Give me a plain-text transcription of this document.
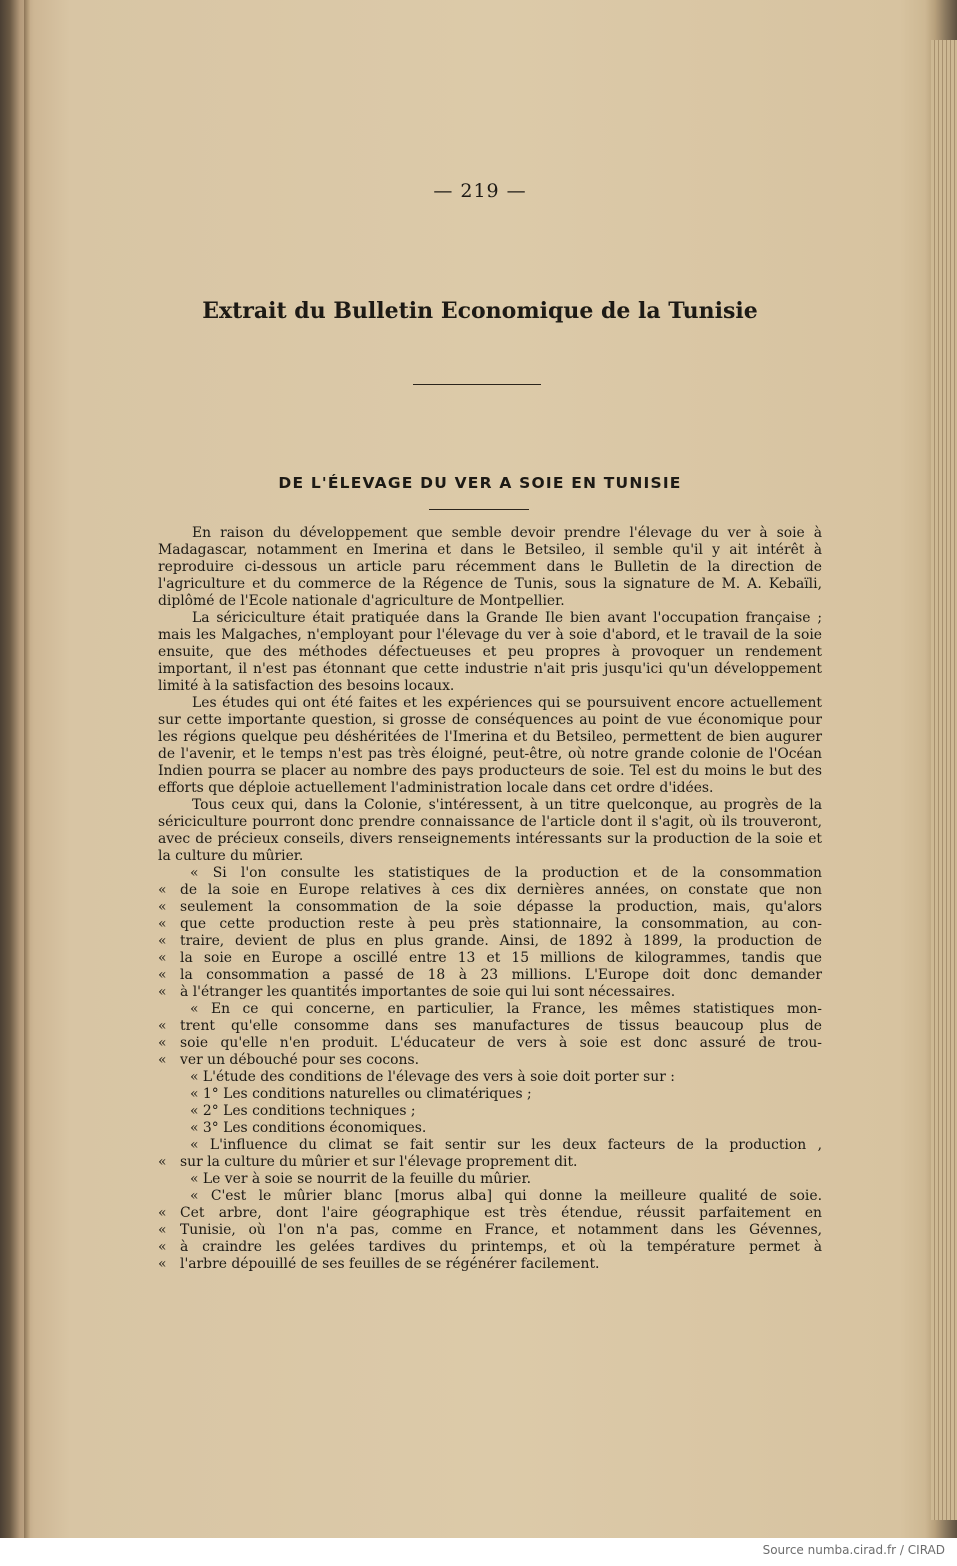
— 219 —
Extrait du Bulletin Economique de la Tunisie
DE L'ÉLEVAGE DU VER A SOIE EN TUNISIE

En raison du développement que semble devoir prendre l'élevage du ver à soie à Madagascar, notamment en Imerina et dans le Betsileo, il semble qu'il y ait intérêt à reproduire ci-dessous un article paru récemment dans le Bulletin de la direction de l'agriculture et du commerce de la Régence de Tunis, sous la signature de M. A. Kebaïli, diplômé de l'Ecole nationale d'agriculture de Montpellier.

La sériciculture était pratiquée dans la Grande Ile bien avant l'occupation française ; mais les Malgaches, n'employant pour l'élevage du ver à soie d'abord, et le travail de la soie ensuite, que des méthodes défectueuses et peu propres à provoquer un rendement important, il n'est pas étonnant que cette industrie n'ait pris jusqu'ici qu'un développement limité à la satisfaction des besoins locaux.

Les études qui ont été faites et les expériences qui se poursuivent encore actuellement sur cette importante question, si grosse de conséquences au point de vue économique pour les régions quelque peu déshéritées de l'Imerina et du Betsileo, permettent de bien augurer de l'avenir, et le temps n'est pas très éloigné, peut-être, où notre grande colonie de l'Océan Indien pourra se placer au nombre des pays producteurs de soie. Tel est du moins le but des efforts que déploie actuellement l'administration locale dans cet ordre d'idées.

Tous ceux qui, dans la Colonie, s'intéressent, à un titre quelconque, au progrès de la sériciculture pourront donc prendre connaissance de l'article dont il s'agit, où ils trouveront, avec de précieux conseils, divers renseignements intéressants sur la production de la soie et la culture du mûrier.

« Si l'on consulte les statistiques de la production et de la consommation
« de la soie en Europe relatives à ces dix dernières années, on constate que non
« seulement la consommation de la soie dépasse la production, mais, qu'alors
« que cette production reste à peu près stationnaire, la consommation, au con-
« traire, devient de plus en plus grande. Ainsi, de 1892 à 1899, la production de
« la soie en Europe a oscillé entre 13 et 15 millions de kilogrammes, tandis que
« la consommation a passé de 18 à 23 millions. L'Europe doit donc demander
« à l'étranger les quantités importantes de soie qui lui sont nécessaires.
« En ce qui concerne, en particulier, la France, les mêmes statistiques mon-
« trent qu'elle consomme dans ses manufactures de tissus beaucoup plus de
« soie qu'elle n'en produit. L'éducateur de vers à soie est donc assuré de trou-
« ver un débouché pour ses cocons.
« L'étude des conditions de l'élevage des vers à soie doit porter sur :
« 1° Les conditions naturelles ou climatériques ;
« 2° Les conditions techniques ;
« 3° Les conditions économiques.
« L'influence du climat se fait sentir sur les deux facteurs de la production ,
« sur la culture du mûrier et sur l'élevage proprement dit.
« Le ver à soie se nourrit de la feuille du mûrier.
« C'est le mûrier blanc [morus alba] qui donne la meilleure qualité de soie.
« Cet arbre, dont l'aire géographique est très étendue, réussit parfaitement en
« Tunisie, où l'on n'a pas, comme en France, et notamment dans les Gévennes,
« à craindre les gelées tardives du printemps, et où la température permet à
« l'arbre dépouillé de ses feuilles de se régénérer facilement.
Source numba.cirad.fr / CIRAD
